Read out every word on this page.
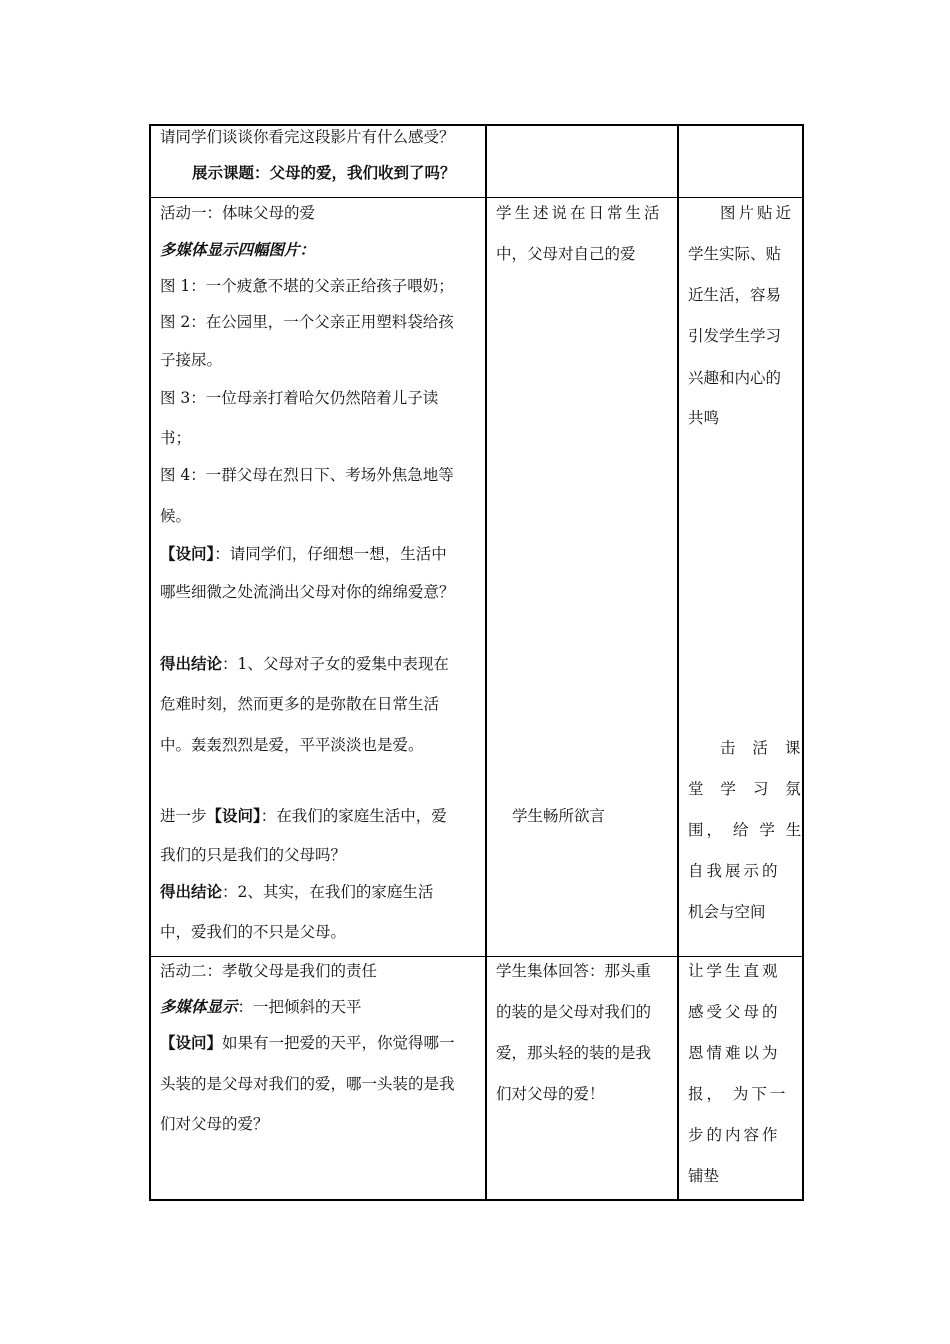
请同学们谈谈你看完这段影片有什么感受？
展示课题：父母的爱，我们收到了吗？
活动一：体味父母的爱
多媒体显示四幅图片：
图 1：一个疲惫不堪的父亲正给孩子喂奶；
图 2：在公园里，一个父亲正用塑料袋给孩
子接尿。
图 3：一位母亲打着哈欠仍然陪着儿子读
书；
图 4：一群父母在烈日下、考场外焦急地等
候。
【设问】：请同学们，仔细想一想，生活中
哪些细微之处流淌出父母对你的绵绵爱意？
得出结论：1、父母对子女的爱集中表现在
危难时刻，然而更多的是弥散在日常生活
中。轰轰烈烈是爱，平平淡淡也是爱。
进一步【设问】：在我们的家庭生活中，爱
我们的只是我们的父母吗？
得出结论：2、其实，在我们的家庭生活
中，爱我们的不只是父母。
学生述说在日常生活
中，父母对自己的爱
学生畅所欲言
图片贴近
学生实际、贴
近生活，容易
引发学生学习
兴趣和内心的
共鸣
击 活 课
堂 学 习 氛
围， 给 学 生
自我展示的
机会与空间
活动二：孝敬父母是我们的责任
多媒体显示：一把倾斜的天平
【设问】如果有一把爱的天平，你觉得哪一
头装的是父母对我们的爱，哪一头装的是我
们对父母的爱？
学生集体回答：那头重
的装的是父母对我们的
爱，那头轻的装的是我
们对父母的爱！
让学生直观
感受父母的
恩情难以为
报， 为下一
步的内容作
铺垫
